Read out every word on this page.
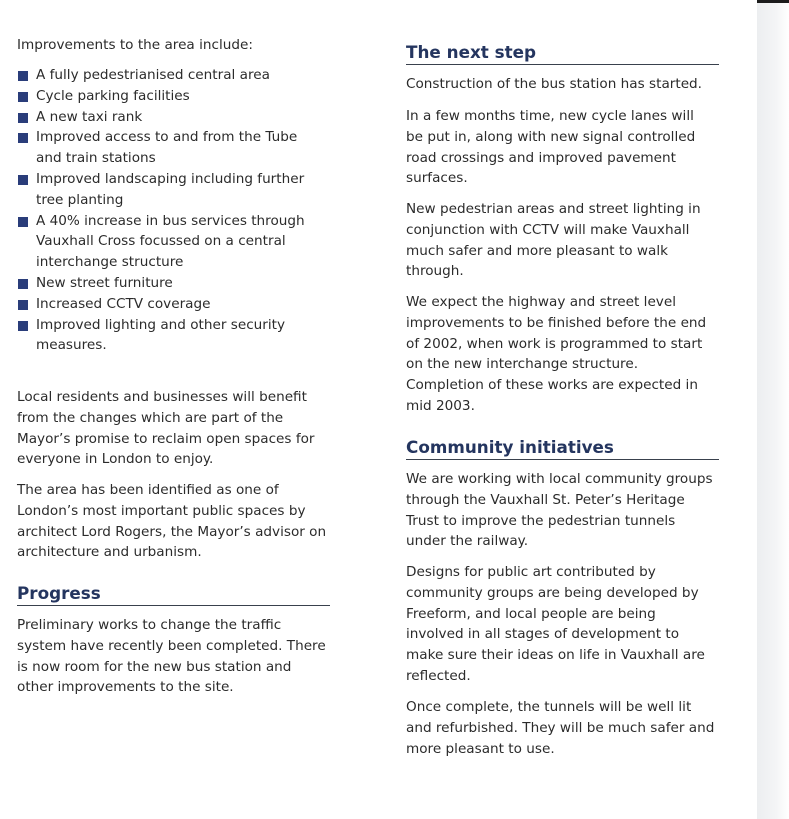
Improvements to the area include:

A fully pedestrianised central area
Cycle parking facilities
A new taxi rank
Improved access to and from the Tube
and train stations
Improved landscaping including further
tree planting
A 40% increase in bus services through
Vauxhall Cross focussed on a central
interchange structure
New street furniture
Increased CCTV coverage
Improved lighting and other security
measures.

Local residents and businesses will benefit
from the changes which are part of the
Mayor’s promise to reclaim open spaces for
everyone in London to enjoy.

The area has been identified as one of
London’s most important public spaces by
architect Lord Rogers, the Mayor’s advisor on
architecture and urbanism.

Progress

Preliminary works to change the traffic
system have recently been completed. There
is now room for the new bus station and
other improvements to the site.

The next step

Construction of the bus station has started.

In a few months time, new cycle lanes will
be put in, along with new signal controlled
road crossings and improved pavement
surfaces.

New pedestrian areas and street lighting in
conjunction with CCTV will make Vauxhall
much safer and more pleasant to walk
through.

We expect the highway and street level
improvements to be finished before the end
of 2002, when work is programmed to start
on the new interchange structure.
Completion of these works are expected in
mid 2003.

Community initiatives

We are working with local community groups
through the Vauxhall St. Peter’s Heritage
Trust to improve the pedestrian tunnels
under the railway.

Designs for public art contributed by
community groups are being developed by
Freeform, and local people are being
involved in all stages of development to
make sure their ideas on life in Vauxhall are
reflected.

Once complete, the tunnels will be well lit
and refurbished. They will be much safer and
more pleasant to use.
